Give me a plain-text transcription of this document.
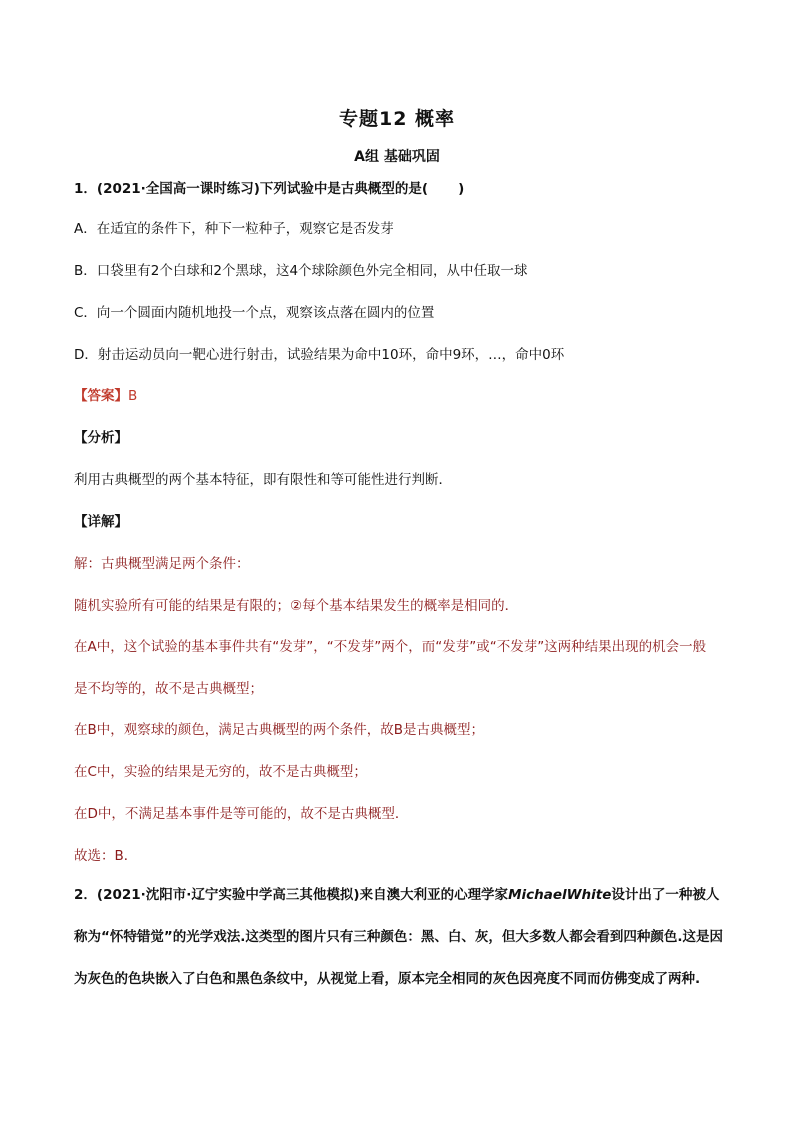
专题12 概率
A组 基础巩固
1．(2021·全国高一课时练习)下列试验中是古典概型的是( )
A．在适宜的条件下，种下一粒种子，观察它是否发芽
B．口袋里有2个白球和2个黑球，这4个球除颜色外完全相同，从中任取一球
C．向一个圆面内随机地投一个点，观察该点落在圆内的位置
D．射击运动员向一靶心进行射击，试验结果为命中10环，命中9环，…，命中0环
【答案】B
【分析】
利用古典概型的两个基本特征，即有限性和等可能性进行判断．
【详解】
解：古典概型满足两个条件：
随机实验所有可能的结果是有限的；②每个基本结果发生的概率是相同的．
在A中，这个试验的基本事件共有“发芽”，“不发芽”两个，而“发芽”或“不发芽”这两种结果出现的机会一般
是不均等的，故不是古典概型；
在B中，观察球的颜色，满足古典概型的两个条件，故B是古典概型；
在C中，实验的结果是无穷的，故不是古典概型；
在D中，不满足基本事件是等可能的，故不是古典概型．
故选：B．
2．(2021·沈阳市·辽宁实验中学高三其他模拟)来自澳大利亚的心理学家MichaelWhite设计出了一种被人
称为“怀特错觉”的光学戏法.这类型的图片只有三种颜色：黑、白、灰，但大多数人都会看到四种颜色.这是因
为灰色的色块嵌入了白色和黑色条纹中，从视觉上看，原本完全相同的灰色因亮度不同而仿佛变成了两种.
